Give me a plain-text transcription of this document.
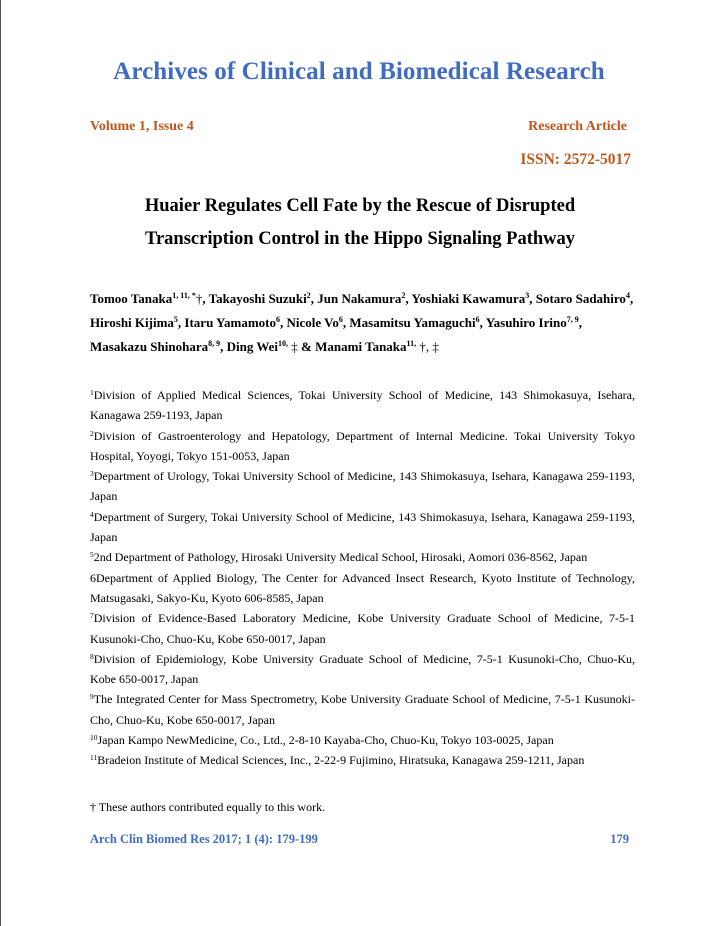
Archives of Clinical and Biomedical Research
Volume 1, Issue 4	Research Article
ISSN: 2572-5017
Huaier Regulates Cell Fate by the Rescue of Disrupted
Transcription Control in the Hippo Signaling Pathway
Tomoo Tanaka$^{1, 11, *}$†, Takayoshi Suzuki$^2$, Jun Nakamura$^2$, Yoshiaki Kawamura$^3$, Sotaro Sadahiro$^4$,
Hiroshi Kijima$^5$, Itaru Yamamoto$^6$, Nicole Vo$^6$, Masamitsu Yamaguchi$^6$, Yasuhiro Irino$^{7, 9}$,
Masakazu Shinohara$^{8, 9}$, Ding Wei$^{10,}$ ‡ & Manami Tanaka$^{11,}$ †, ‡

$^1$Division of Applied Medical Sciences, Tokai University School of Medicine, 143 Shimokasuya, Isehara, Kanagawa 259-1193, Japan

$^2$Division of Gastroenterology and Hepatology, Department of Internal Medicine. Tokai University Tokyo Hospital, Yoyogi, Tokyo 151-0053, Japan

$^3$Department of Urology, Tokai University School of Medicine, 143 Shimokasuya, Isehara, Kanagawa 259-1193, Japan

$^4$Department of Surgery, Tokai University School of Medicine, 143 Shimokasuya, Isehara, Kanagawa 259-1193, Japan

$^5$2nd Department of Pathology, Hirosaki University Medical School, Hirosaki, Aomori 036-8562, Japan

6Department of Applied Biology, The Center for Advanced Insect Research, Kyoto Institute of Technology, Matsugasaki, Sakyo-Ku, Kyoto 606-8585, Japan

$^7$Division of Evidence-Based Laboratory Medicine, Kobe University Graduate School of Medicine, 7-5-1 Kusunoki-Cho, Chuo-Ku, Kobe 650-0017, Japan

$^8$Division of Epidemiology, Kobe University Graduate School of Medicine, 7-5-1 Kusunoki-Cho, Chuo-Ku, Kobe 650-0017, Japan

$^9$The Integrated Center for Mass Spectrometry, Kobe University Graduate School of Medicine, 7-5-1 Kusunoki-Cho, Chuo-Ku, Kobe 650-0017, Japan

$^{10}$Japan Kampo NewMedicine, Co., Ltd., 2-8-10 Kayaba-Cho, Chuo-Ku, Tokyo 103-0025, Japan

$^{11}$Bradeion Institute of Medical Sciences, Inc., 2-22-9 Fujimino, Hiratsuka, Kanagawa 259-1211, Japan

† These authors contributed equally to this work.
Arch Clin Biomed Res 2017; 1 (4): 179-199	179
